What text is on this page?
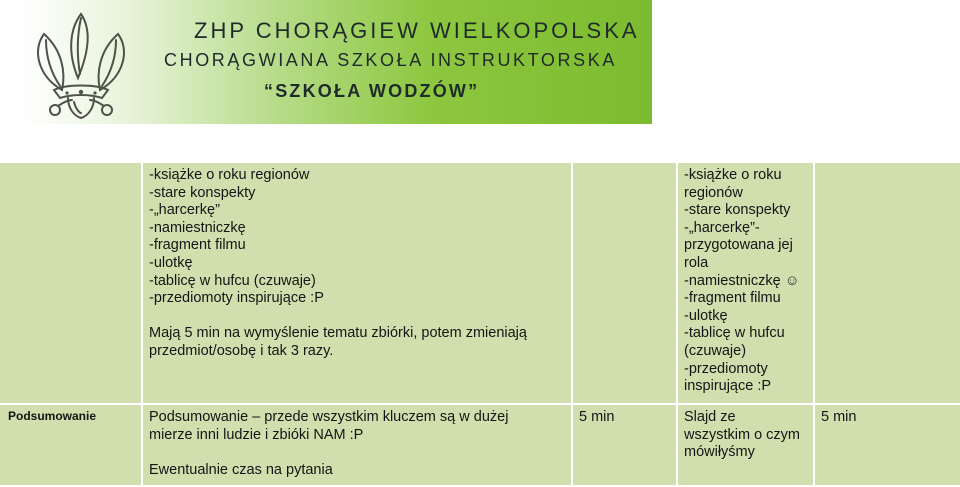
ZHP CHORĄGIEW WIELKOPOLSKA
CHORĄGWIANA SZKOŁA INSTRUKTORSKA
“SZKOŁA WODZÓW”
-książke o roku regionów
-stare konspekty
-„harcerkę”
-namiestniczkę
-fragment filmu
-ulotkę
-tablicę w hufcu (czuwaje)
-przediomoty inspirujące :P
Mają 5 min na wymyślenie tematu zbiórki, potem zmieniają
przedmiot/osobę i tak 3 razy.
-książke o roku
regionów
-stare konspekty
-„harcerkę”-
przygotowana jej
rola
-namiestniczkę ☺
-fragment filmu
-ulotkę
-tablicę w hufcu
(czuwaje)
-przediomoty
inspirujące :P
Podsumowanie	Podsumowanie – przede wszystkim kluczem są w dużej
mierze inni ludzie i zbióki NAM :P
Ewentualnie czas na pytania
5 min	Slajd ze
wszystkim o czym
mówiłyśmy
5 min
